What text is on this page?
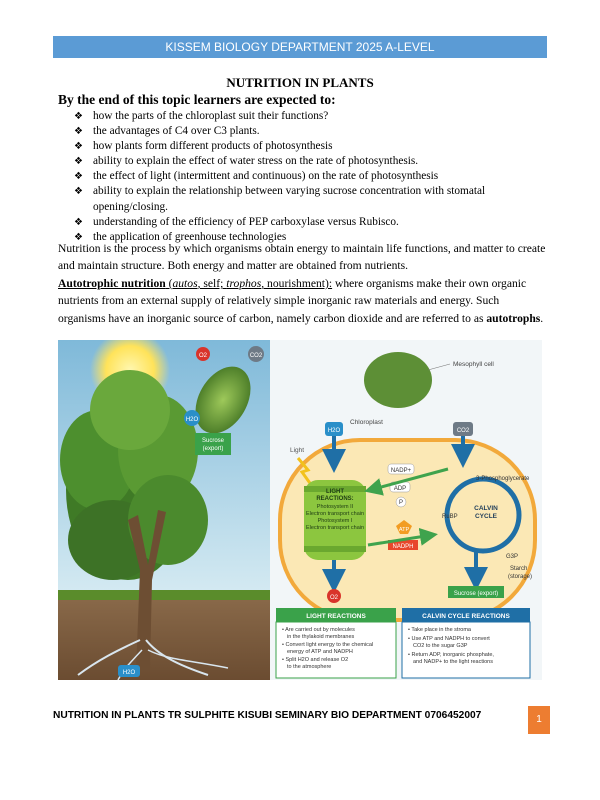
KISSEM BIOLOGY DEPARTMENT 2025 A-LEVEL
NUTRITION IN PLANTS
By the end of this topic learners are expected to:
❖ how the parts of the chloroplast suit their functions?
❖ the advantages of C4 over C3 plants.
❖ how plants form different products of photosynthesis
❖ ability to explain the effect of water stress on the rate of photosynthesis.
❖ the effect of light (intermittent and continuous) on the rate of photosynthesis
❖ ability to explain the relationship between varying sucrose concentration with stomatal opening/closing.
❖ understanding of the efficiency of PEP carboxylase versus Rubisco.
❖ the application of greenhouse technologies

Nutrition is the process by which organisms obtain energy to maintain life functions, and matter to create and maintain structure. Both energy and matter are obtained from nutrients.

Autotrophic nutrition (autos, self; trophos, nourishment): where organisms make their own organic nutrients from an external supply of relatively simple inorganic raw materials and energy. Such organisms have an inorganic source of carbon, namely carbon dioxide and are referred to as autotrophs.

O2	CO2
H2O
Sucrose
(export)
H2O
Mesophyll cell
Chloroplast
H2O	CO2
Light
LIGHT
REACTIONS:
Photosystem II
Electron transport chain
Photosystem I
Electron transport chain
NADP+
ADP
P
ATP
NADPH
CALVIN
CYCLE
RuBP
3-Phosphoglycerate
G3P
Starch
(storage)
O2
Sucrose (export)
LIGHT REACTIONS
• Are carried out by molecules
in the thylakoid membranes
• Convert light energy to the chemical
energy of ATP and NADPH
• Split H2O and release O2
to the atmosphere
CALVIN CYCLE REACTIONS
• Take place in the stroma
• Use ATP and NADPH to convert
CO2 to the sugar G3P
• Return ADP, inorganic phosphate,
and NADP+ to the light reactions
NUTRITION IN PLANTS TR SULPHITE KISUBI SEMINARY BIO DEPARTMENT 0706452007	1
